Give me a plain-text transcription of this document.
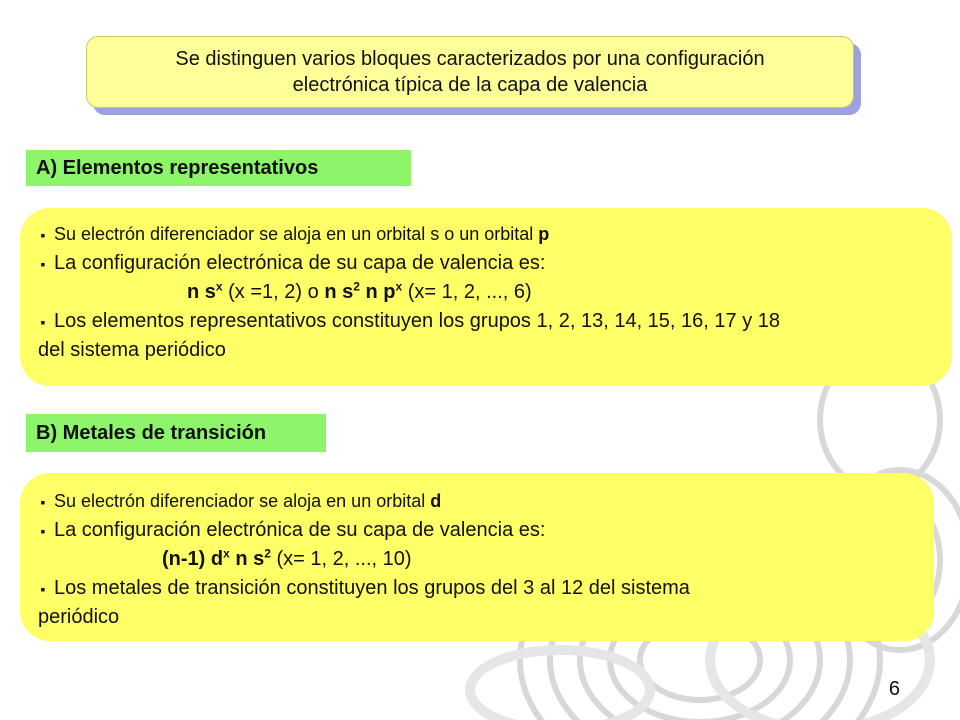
Se distinguen varios bloques caracterizados por una configuración
electrónica típica de la capa de valencia
A) Elementos representativos
▪ Su electrón diferenciador se aloja en un orbital s o un orbital p
▪ La configuración electrónica de su capa de valencia es:
n $s^x$ (x =1, 2) o n $s^2$ n $p^x$ (x= 1, 2, ..., 6)
▪ Los elementos representativos constituyen los grupos 1, 2, 13, 14, 15, 16, 17 y 18
del sistema periódico
B) Metales de transición
▪ Su electrón diferenciador se aloja en un orbital d
▪ La configuración electrónica de su capa de valencia es:
(n-1) $d^x$ n $s^2$ (x= 1, 2, ..., 10)
▪ Los metales de transición constituyen los grupos del 3 al 12 del sistema
periódico
6
